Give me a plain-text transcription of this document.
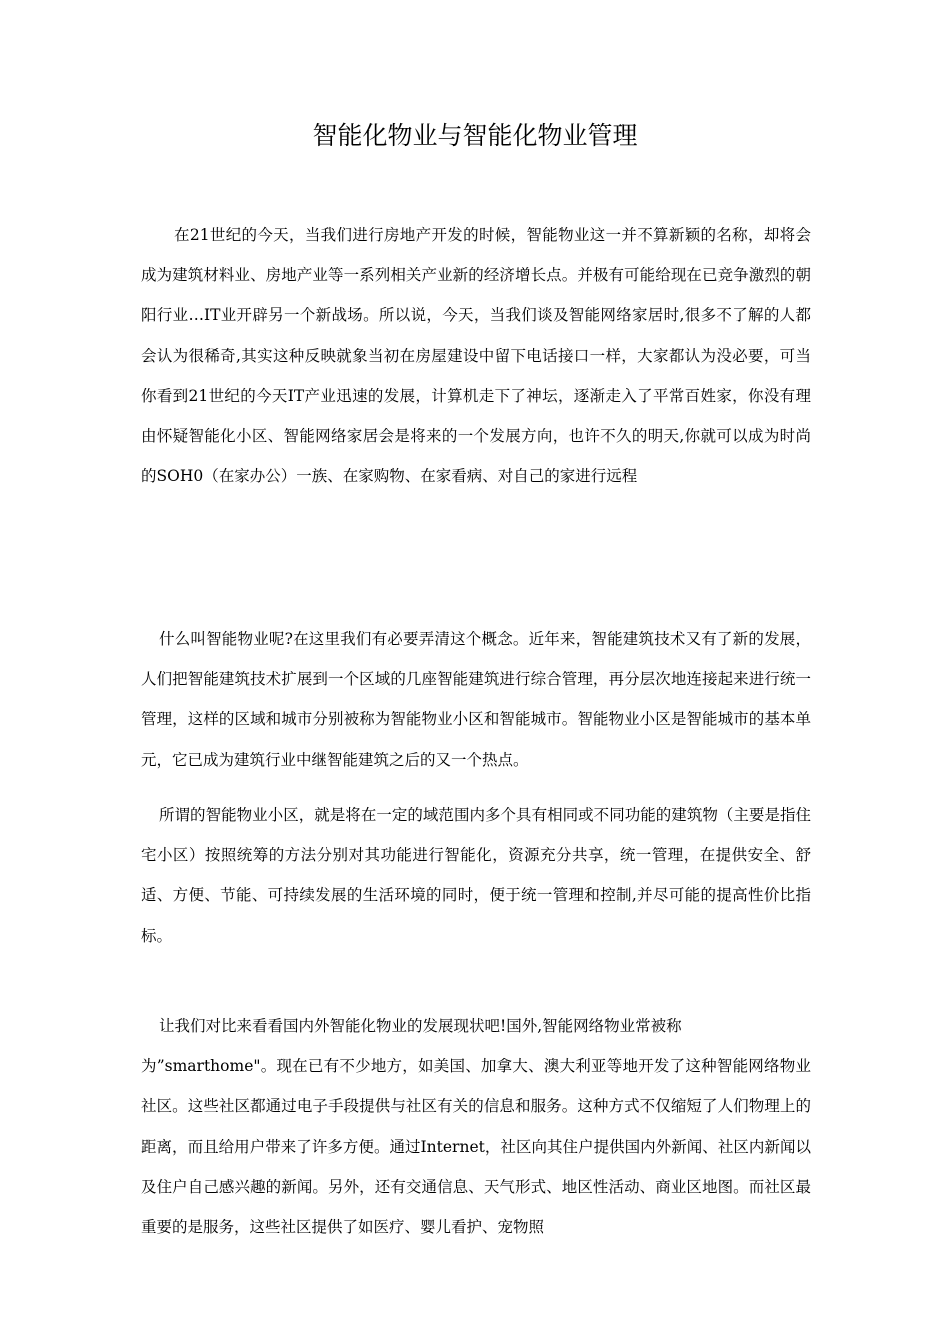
智能化物业与智能化物业管理
在21世纪的今天，当我们进行房地产开发的时候，智能物业这一并不算新颖的名称，却将会成为建筑材料业、房地产业等一系列相关产业新的经济增长点。并极有可能给现在已竞争激烈的朝阳行业…IT业开辟另一个新战场。所以说，今天，当我们谈及智能网络家居时,很多不了解的人都会认为很稀奇,其实这种反映就象当初在房屋建设中留下电话接口一样，大家都认为没必要，可当你看到21世纪的今天IT产业迅速的发展，计算机走下了神坛，逐渐走入了平常百姓家，你没有理由怀疑智能化小区、智能网络家居会是将来的一个发展方向，也许不久的明天,你就可以成为时尚的SOH0（在家办公）一族、在家购物、在家看病、对自己的家进行远程
什么叫智能物业呢?在这里我们有必要弄清这个概念。近年来，智能建筑技术又有了新的发展，人们把智能建筑技术扩展到一个区域的几座智能建筑进行综合管理，再分层次地连接起来进行统一管理，这样的区域和城市分别被称为智能物业小区和智能城市。智能物业小区是智能城市的基本单元，它已成为建筑行业中继智能建筑之后的又一个热点。
所谓的智能物业小区，就是将在一定的域范围内多个具有相同或不同功能的建筑物（主要是指住宅小区）按照统筹的方法分别对其功能进行智能化，资源充分共享，统一管理，在提供安全、舒适、方便、节能、可持续发展的生活环境的同时，便于统一管理和控制,并尽可能的提高性价比指标。
让我们对比来看看国内外智能化物业的发展现状吧!国外,智能网络物业常被称
为”smarthome"。现在已有不少地方，如美国、加拿大、澳大利亚等地开发了这种智能网络物业社区。这些社区都通过电子手段提供与社区有关的信息和服务。这种方式不仅缩短了人们物理上的距离，而且给用户带来了许多方便。通过Internet，社区向其住户提供国内外新闻、社区内新闻以及住户自己感兴趣的新闻。另外，还有交通信息、天气形式、地区性活动、商业区地图。而社区最重要的是服务，这些社区提供了如医疗、婴儿看护、宠物照
